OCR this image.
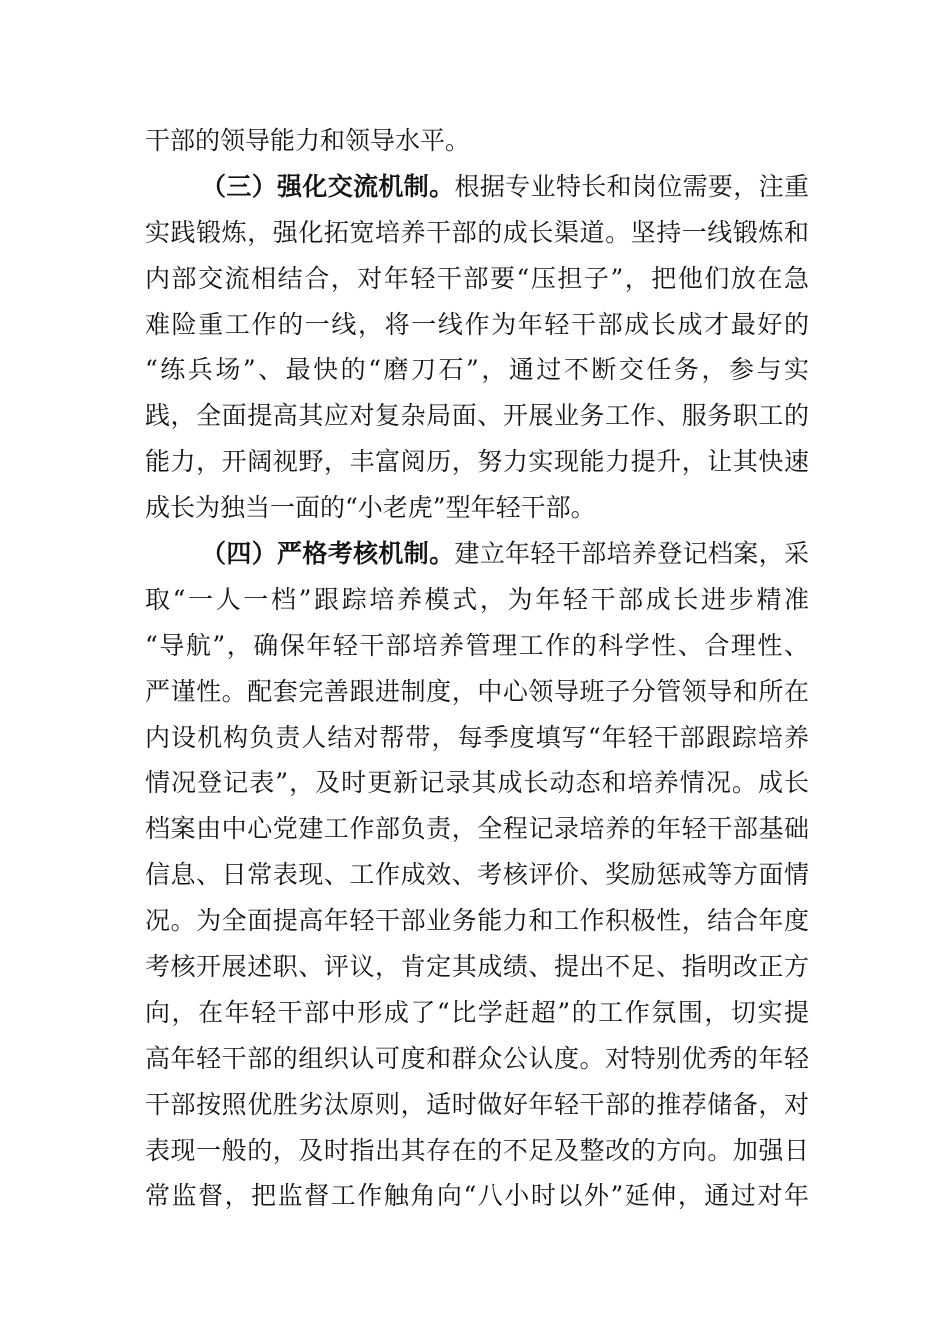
干部的领导能力和领导水平。
（三）强化交流机制。根据专业特长和岗位需要，注重
实践锻炼，强化拓宽培养干部的成长渠道。坚持一线锻炼和
内部交流相结合，对年轻干部要“压担子”，把他们放在急
难险重工作的一线，将一线作为年轻干部成长成才最好的
“练兵场”、最快的“磨刀石”，通过不断交任务，参与实
践，全面提高其应对复杂局面、开展业务工作、服务职工的
能力，开阔视野，丰富阅历，努力实现能力提升，让其快速
成长为独当一面的“小老虎”型年轻干部。
（四）严格考核机制。建立年轻干部培养登记档案，采
取“一人一档”跟踪培养模式，为年轻干部成长进步精准
“导航”，确保年轻干部培养管理工作的科学性、合理性、
严谨性。配套完善跟进制度，中心领导班子分管领导和所在
内设机构负责人结对帮带，每季度填写“年轻干部跟踪培养
情况登记表”，及时更新记录其成长动态和培养情况。成长
档案由中心党建工作部负责，全程记录培养的年轻干部基础
信息、日常表现、工作成效、考核评价、奖励惩戒等方面情
况。为全面提高年轻干部业务能力和工作积极性，结合年度
考核开展述职、评议，肯定其成绩、提出不足、指明改正方
向，在年轻干部中形成了“比学赶超”的工作氛围，切实提
高年轻干部的组织认可度和群众公认度。对特别优秀的年轻
干部按照优胜劣汰原则，适时做好年轻干部的推荐储备，对
表现一般的，及时指出其存在的不足及整改的方向。加强日
常监督，把监督工作触角向“八小时以外”延伸，通过对年
